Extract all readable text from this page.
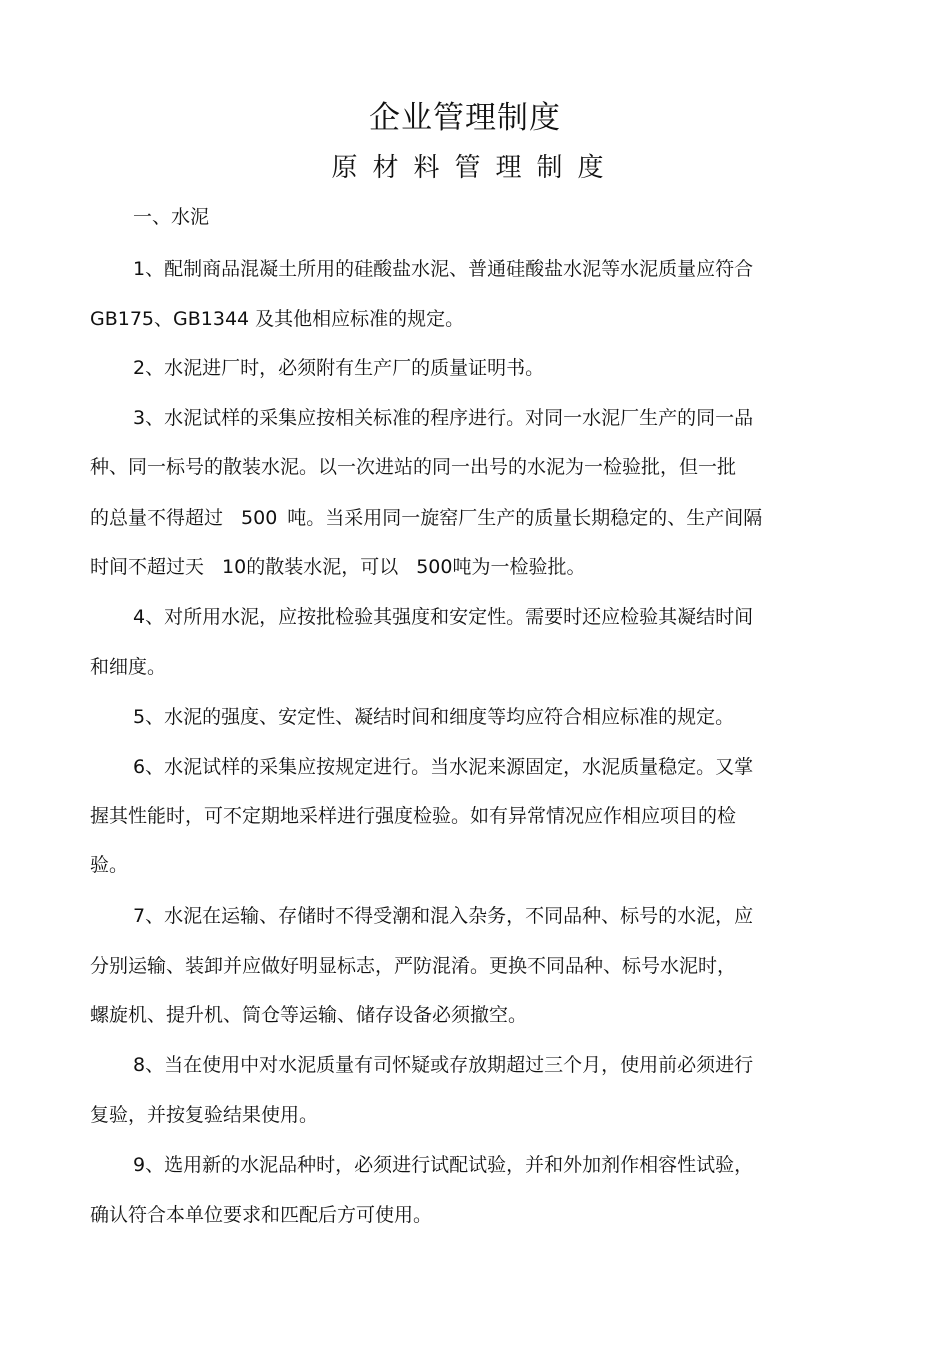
企业管理制度
原材料管理制度
一、水泥
1、配制商品混凝土所用的硅酸盐水泥、普通硅酸盐水泥等水泥质量应符合
GB175、GB1344 及其他相应标准的规定。
2、水泥进厂时，必须附有生产厂的质量证明书。
3、水泥试样的采集应按相关标准的程序进行。对同一水泥厂生产的同一品
种、同一标号的散装水泥。以一次进站的同一出号的水泥为一检验批，但一批
的总量不得超过 500 吨。当采用同一旋窑厂生产的质量长期稳定的、生产间隔
时间不超过天 10的散装水泥，可以 500吨为一检验批。
4、对所用水泥，应按批检验其强度和安定性。需要时还应检验其凝结时间
和细度。
5、水泥的强度、安定性、凝结时间和细度等均应符合相应标准的规定。
6、水泥试样的采集应按规定进行。当水泥来源固定，水泥质量稳定。又掌
握其性能时，可不定期地采样进行强度检验。如有异常情况应作相应项目的检
验。
7、水泥在运输、存储时不得受潮和混入杂务，不同品种、标号的水泥，应
分别运输、装卸并应做好明显标志，严防混淆。更换不同品种、标号水泥时，
螺旋机、提升机、筒仓等运输、储存设备必须撤空。
8、当在使用中对水泥质量有司怀疑或存放期超过三个月，使用前必须进行
复验，并按复验结果使用。
9、选用新的水泥品种时，必须进行试配试验，并和外加剂作相容性试验，
确认符合本单位要求和匹配后方可使用。
